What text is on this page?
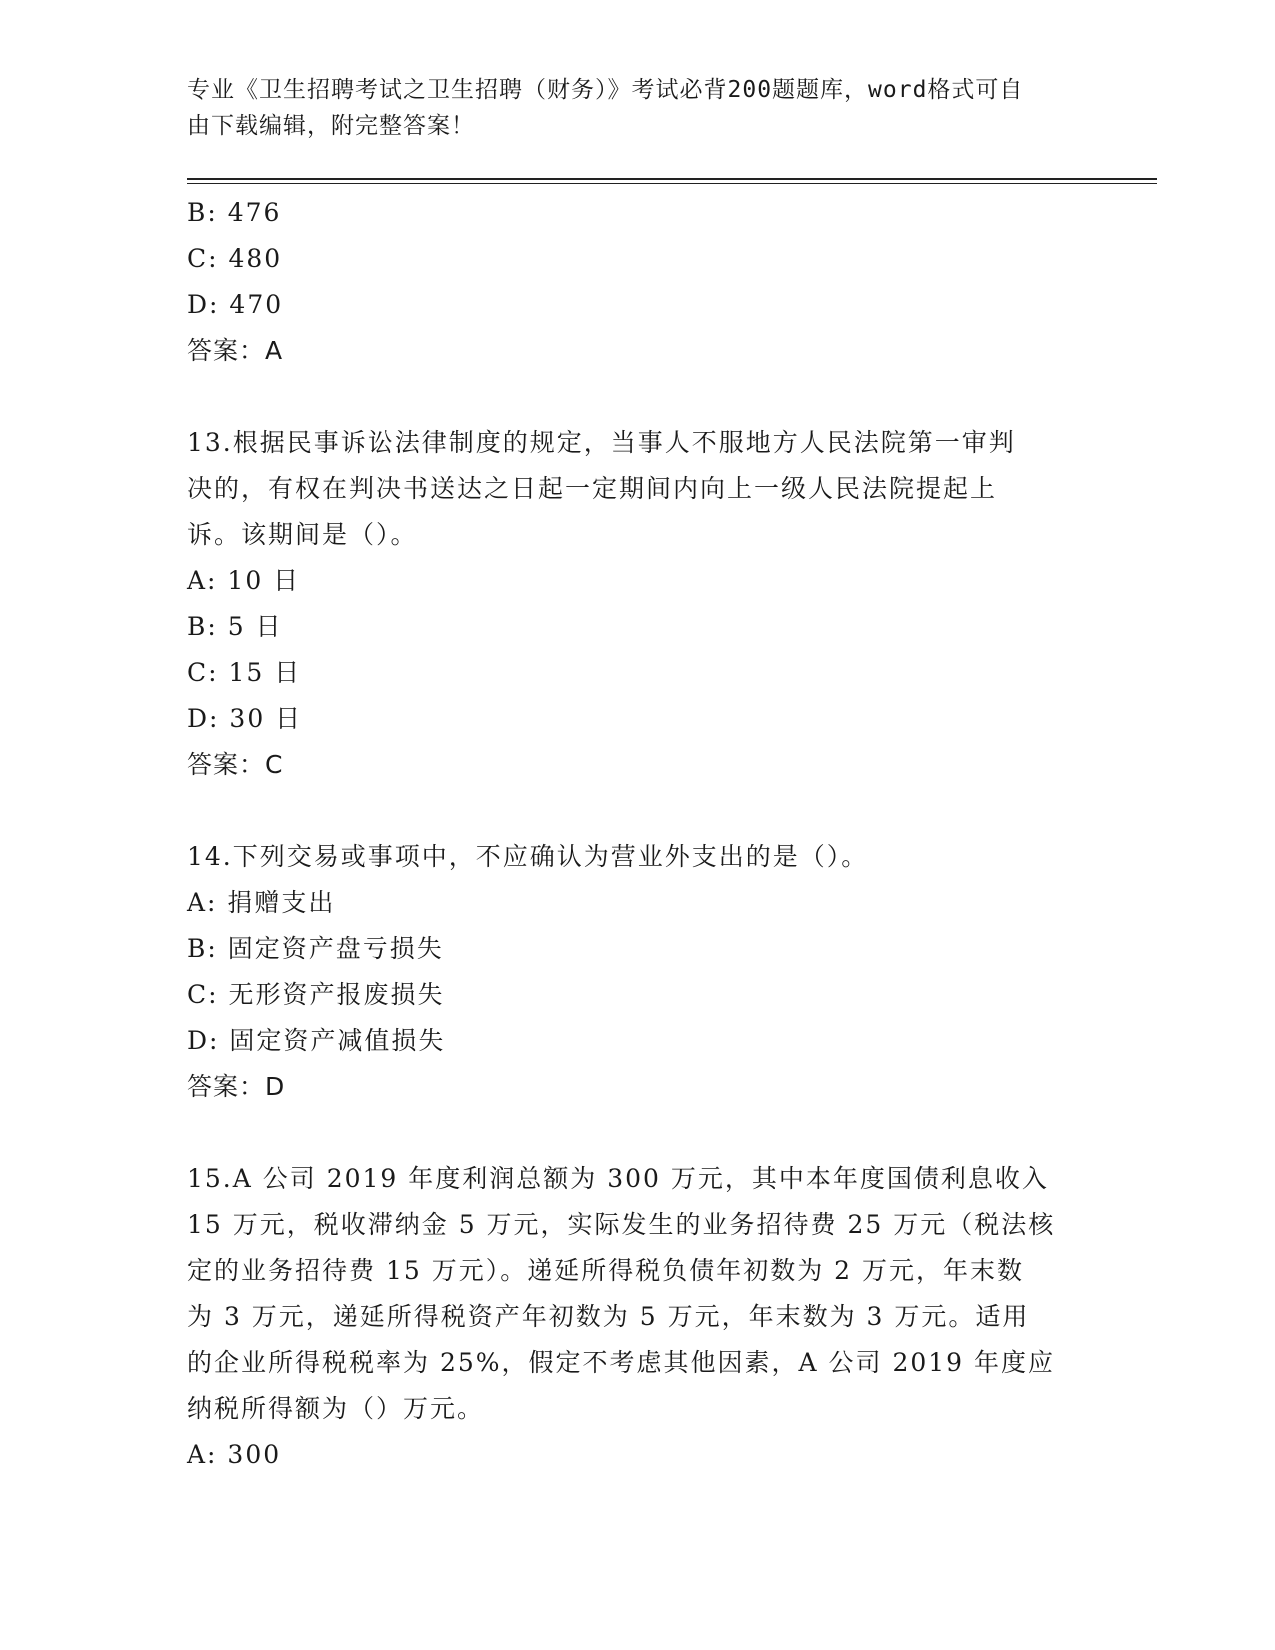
专业《卫生招聘考试之卫生招聘（财务）》考试必背200题题库，word格式可自
由下载编辑，附完整答案！
B: 476
C: 480
D: 470
答案：A
13.根据民事诉讼法律制度的规定，当事人不服地方人民法院第一审判
决的，有权在判决书送达之日起一定期间内向上一级人民法院提起上
诉。该期间是（）。
A: 10 日
B: 5 日
C: 15 日
D: 30 日
答案：C
14.下列交易或事项中，不应确认为营业外支出的是（）。
A: 捐赠支出
B: 固定资产盘亏损失
C: 无形资产报废损失
D: 固定资产减值损失
答案：D
15.A 公司 2019 年度利润总额为 300 万元，其中本年度国债利息收入
15 万元，税收滞纳金 5 万元，实际发生的业务招待费 25 万元（税法核
定的业务招待费 15 万元）。递延所得税负债年初数为 2 万元，年末数
为 3 万元，递延所得税资产年初数为 5 万元，年末数为 3 万元。适用
的企业所得税税率为 25%，假定不考虑其他因素，A 公司 2019 年度应
纳税所得额为（）万元。
A: 300
